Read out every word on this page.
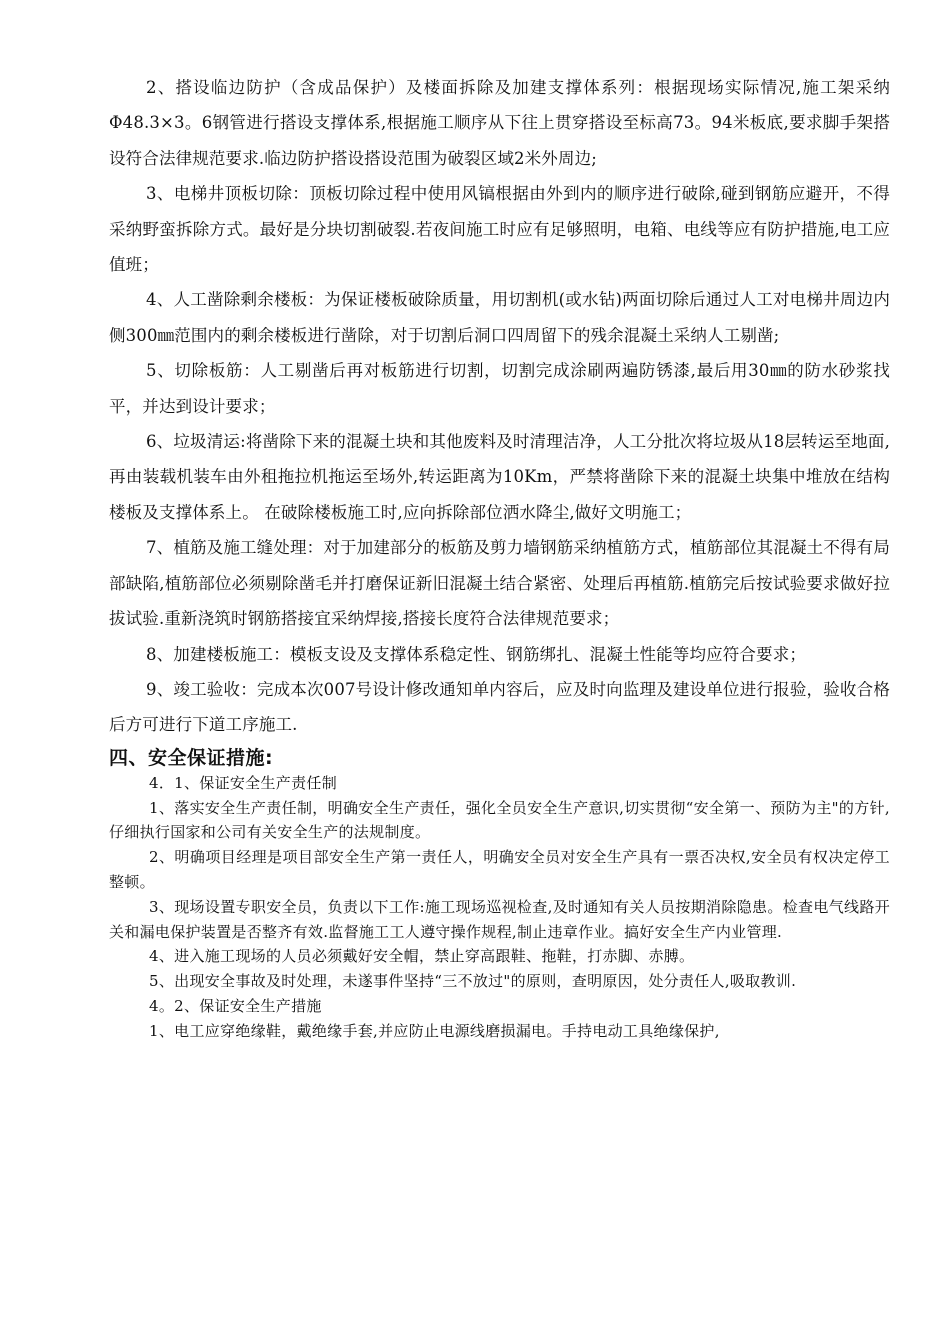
2、搭设临边防护（含成品保护）及楼面拆除及加建支撑体系列：根据现场实际情况,施工架采纳Φ48.3×3。6钢管进行搭设支撑体系,根据施工顺序从下往上贯穿搭设至标高73。94米板底,要求脚手架搭设符合法律规范要求.临边防护搭设搭设范围为破裂区域2米外周边;

3、电梯井顶板切除：顶板切除过程中使用风镐根据由外到内的顺序进行破除,碰到钢筋应避开，不得采纳野蛮拆除方式。最好是分块切割破裂.若夜间施工时应有足够照明，电箱、电线等应有防护措施,电工应值班；

4、人工凿除剩余楼板：为保证楼板破除质量，用切割机(或水钻)两面切除后通过人工对电梯井周边内侧300㎜范围内的剩余楼板进行凿除，对于切割后洞口四周留下的残余混凝土采纳人工剔凿;

5、切除板筋：人工剔凿后再对板筋进行切割，切割完成涂刷两遍防锈漆,最后用30㎜的防水砂浆找平，并达到设计要求；

6、垃圾清运:将凿除下来的混凝土块和其他废料及时清理洁净，人工分批次将垃圾从18层转运至地面,再由装载机装车由外租拖拉机拖运至场外,转运距离为10Km，严禁将凿除下来的混凝土块集中堆放在结构楼板及支撑体系上。 在破除楼板施工时,应向拆除部位洒水降尘,做好文明施工；

7、植筋及施工缝处理：对于加建部分的板筋及剪力墙钢筋采纳植筋方式，植筋部位其混凝土不得有局部缺陷,植筋部位必须剔除凿毛并打磨保证新旧混凝土结合紧密、处理后再植筋.植筋完后按试验要求做好拉拔试验.重新浇筑时钢筋搭接宜采纳焊接,搭接长度符合法律规范要求；

8、加建楼板施工：模板支设及支撑体系稳定性、钢筋绑扎、混凝土性能等均应符合要求；

9、竣工验收：完成本次007号设计修改通知单内容后，应及时向监理及建设单位进行报验，验收合格后方可进行下道工序施工.

四、安全保证措施:

4．1、保证安全生产责任制

1、落实安全生产责任制，明确安全生产责任，强化全员安全生产意识,切实贯彻“安全第一、预防为主"的方针,仔细执行国家和公司有关安全生产的法规制度。

2、明确项目经理是项目部安全生产第一责任人，明确安全员对安全生产具有一票否决权,安全员有权决定停工整顿。

3、现场设置专职安全员，负责以下工作:施工现场巡视检查,及时通知有关人员按期消除隐患。检查电气线路开关和漏电保护装置是否整齐有效.监督施工工人遵守操作规程,制止违章作业。搞好安全生产内业管理.

4、进入施工现场的人员必须戴好安全帽，禁止穿高跟鞋、拖鞋，打赤脚、赤膊。

5、出现安全事故及时处理，未遂事件坚持“三不放过"的原则，查明原因，处分责任人,吸取教训.

4。2、保证安全生产措施

1、电工应穿绝缘鞋，戴绝缘手套,并应防止电源线磨损漏电。手持电动工具绝缘保护,
